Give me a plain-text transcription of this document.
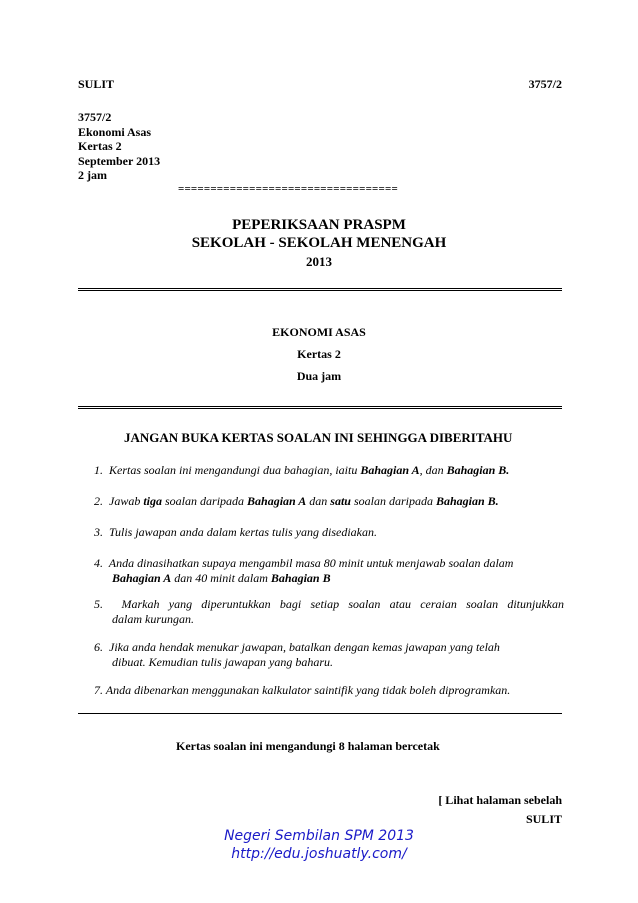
SULIT	3757/2
3757/2
Ekonomi Asas
Kertas 2
September 2013
2 jam
==================================
PEPERIKSAAN PRASPM
SEKOLAH - SEKOLAH MENENGAH
2013
EKONOMI ASAS
Kertas 2
Dua jam
JANGAN BUKA KERTAS SOALAN INI SEHINGGA DIBERITAHU
1. Kertas soalan ini mengandungi dua bahagian, iaitu Bahagian A, dan Bahagian B.
2. Jawab tiga soalan daripada Bahagian A dan satu soalan daripada Bahagian B.
3. Tulis jawapan anda dalam kertas tulis yang disediakan.
4. Anda dinasihatkan supaya mengambil masa 80 minit untuk menjawab soalan dalam
Bahagian A dan 40 minit dalam Bahagian B
5. Markah yang diperuntukkan bagi setiap soalan atau ceraian soalan ditunjukkan
dalam kurungan.
6. Jika anda hendak menukar jawapan, batalkan dengan kemas jawapan yang telah
dibuat. Kemudian tulis jawapan yang baharu.
7. Anda dibenarkan menggunakan kalkulator saintifik yang tidak boleh diprogramkan.
Kertas soalan ini mengandungi 8 halaman bercetak
[ Lihat halaman sebelah
SULIT
Negeri Sembilan SPM 2013
http://edu.joshuatly.com/
